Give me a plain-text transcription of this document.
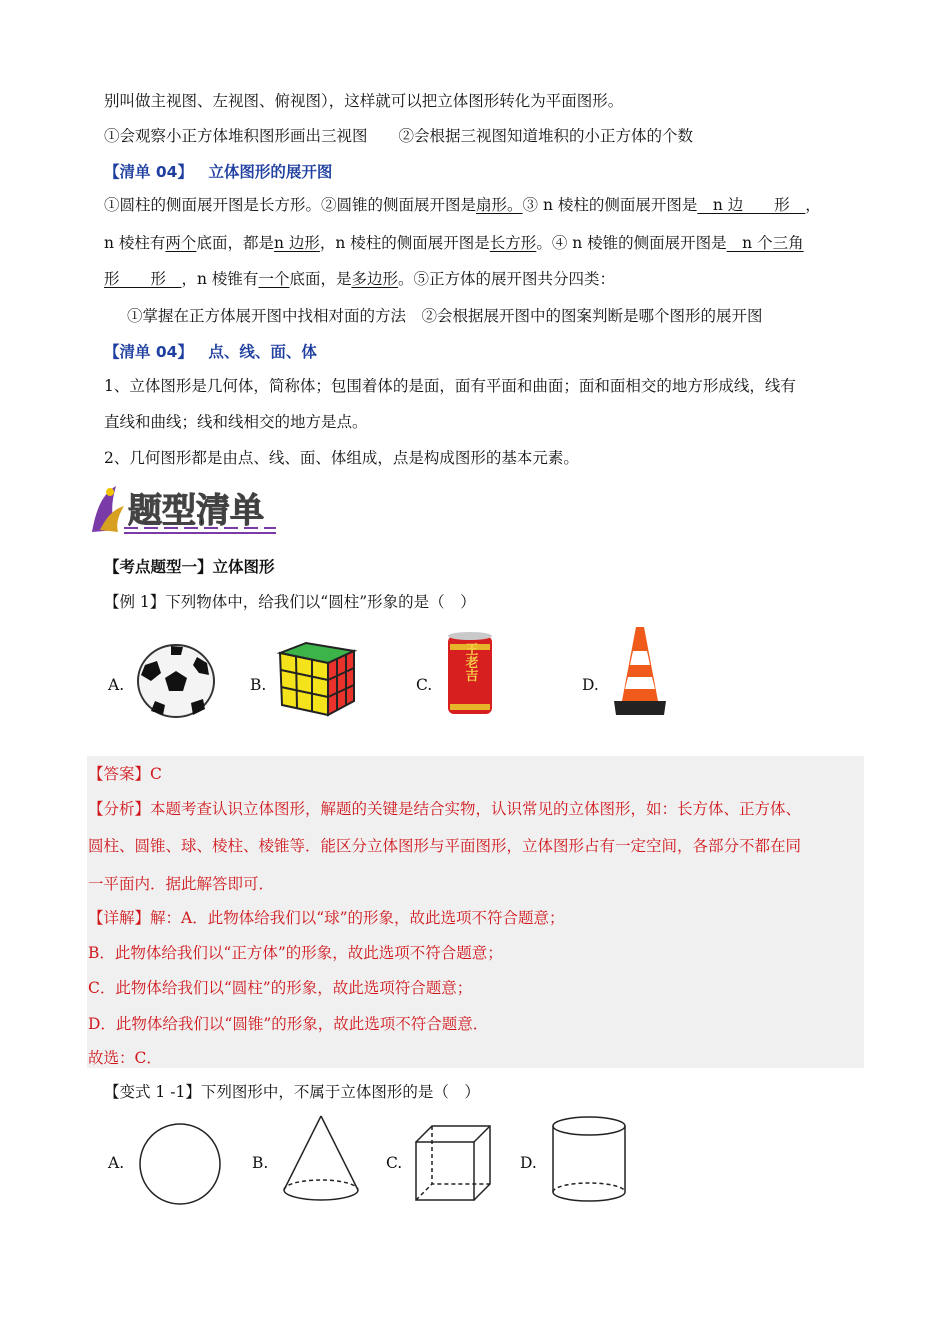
别叫做主视图、左视图、俯视图），这样就可以把立体图形转化为平面图形。
①会观察小正方体堆积图形画出三视图　　②会根据三视图知道堆积的小正方体的个数
【清单 04】 立体图形的展开图
①圆柱的侧面展开图是长方形。②圆锥的侧面展开图是扇形。③ n 棱柱的侧面展开图是　n 边　　形　，
n 棱柱有两个底面，都是n 边形，n 棱柱的侧面展开图是长方形。④ n 棱锥的侧面展开图是　n 个三角
形　　形　，n 棱锥有一个底面，是多边形。⑤正方体的展开图共分四类：
①掌握在正方体展开图中找相对面的方法　②会根据展开图中的图案判断是哪个图形的展开图
【清单 04】 点、线、面、体
1、立体图形是几何体，简称体；包围着体的是面，面有平面和曲面；面和面相交的地方形成线，线有
直线和曲线；线和线相交的地方是点。
2、几何图形都是由点、线、面、体组成，点是构成图形的基本元素。
题型清单
【考点题型一】立体图形
【例 1】下列物体中，给我们以“圆柱”形象的是（　）
A.	B.	C.
王老吉
D.
【答案】C
【分析】本题考查认识立体图形，解题的关键是结合实物，认识常见的立体图形，如：长方体、正方体、
圆柱、圆锥、球、棱柱、棱锥等．能区分立体图形与平面图形，立体图形占有一定空间，各部分不都在同
一平面内．据此解答即可．
【详解】解：A．此物体给我们以“球”的形象，故此选项不符合题意；
B．此物体给我们以“正方体”的形象，故此选项不符合题意；
C．此物体给我们以“圆柱”的形象，故此选项符合题意；
D．此物体给我们以“圆锥”的形象，故此选项不符合题意．
故选：C．
【变式 1 -1】下列图形中，不属于立体图形的是（　）
A.	B.	C.	D.
